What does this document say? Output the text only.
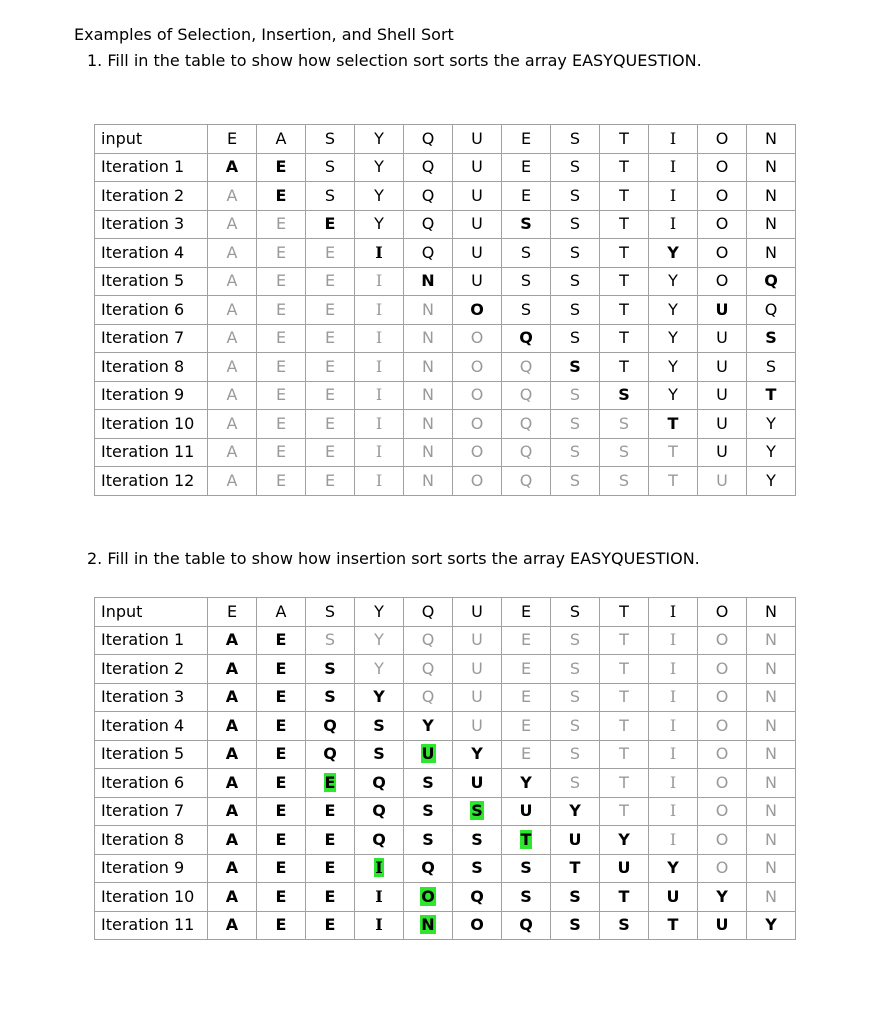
Examples of Selection, Insertion, and Shell Sort
1. Fill in the table to show how selection sort sorts the array EASYQUESTION.
input	E	A	S	Y	Q	U	E	S	T	I	O	N
Iteration 1	A	E	S	Y	Q	U	E	S	T	I	O	N
Iteration 2	A	E	S	Y	Q	U	E	S	T	I	O	N
Iteration 3	A	E	E	Y	Q	U	S	S	T	I	O	N
Iteration 4	A	E	E	I	Q	U	S	S	T	Y	O	N
Iteration 5	A	E	E	I	N	U	S	S	T	Y	O	Q
Iteration 6	A	E	E	I	N	O	S	S	T	Y	U	Q
Iteration 7	A	E	E	I	N	O	Q	S	T	Y	U	S
Iteration 8	A	E	E	I	N	O	Q	S	T	Y	U	S
Iteration 9	A	E	E	I	N	O	Q	S	S	Y	U	T
Iteration 10	A	E	E	I	N	O	Q	S	S	T	U	Y
Iteration 11	A	E	E	I	N	O	Q	S	S	T	U	Y
Iteration 12	A	E	E	I	N	O	Q	S	S	T	U	Y
2. Fill in the table to show how insertion sort sorts the array EASYQUESTION.
Input	E	A	S	Y	Q	U	E	S	T	I	O	N
Iteration 1	A	E	S	Y	Q	U	E	S	T	I	O	N
Iteration 2	A	E	S	Y	Q	U	E	S	T	I	O	N
Iteration 3	A	E	S	Y	Q	U	E	S	T	I	O	N
Iteration 4	A	E	Q	S	Y	U	E	S	T	I	O	N
Iteration 5	A	E	Q	S	U	Y	E	S	T	I	O	N
Iteration 6	A	E	E	Q	S	U	Y	S	T	I	O	N
Iteration 7	A	E	E	Q	S	S	U	Y	T	I	O	N
Iteration 8	A	E	E	Q	S	S	T	U	Y	I	O	N
Iteration 9	A	E	E	I	Q	S	S	T	U	Y	O	N
Iteration 10	A	E	E	I	O	Q	S	S	T	U	Y	N
Iteration 11	A	E	E	I	N	O	Q	S	S	T	U	Y
